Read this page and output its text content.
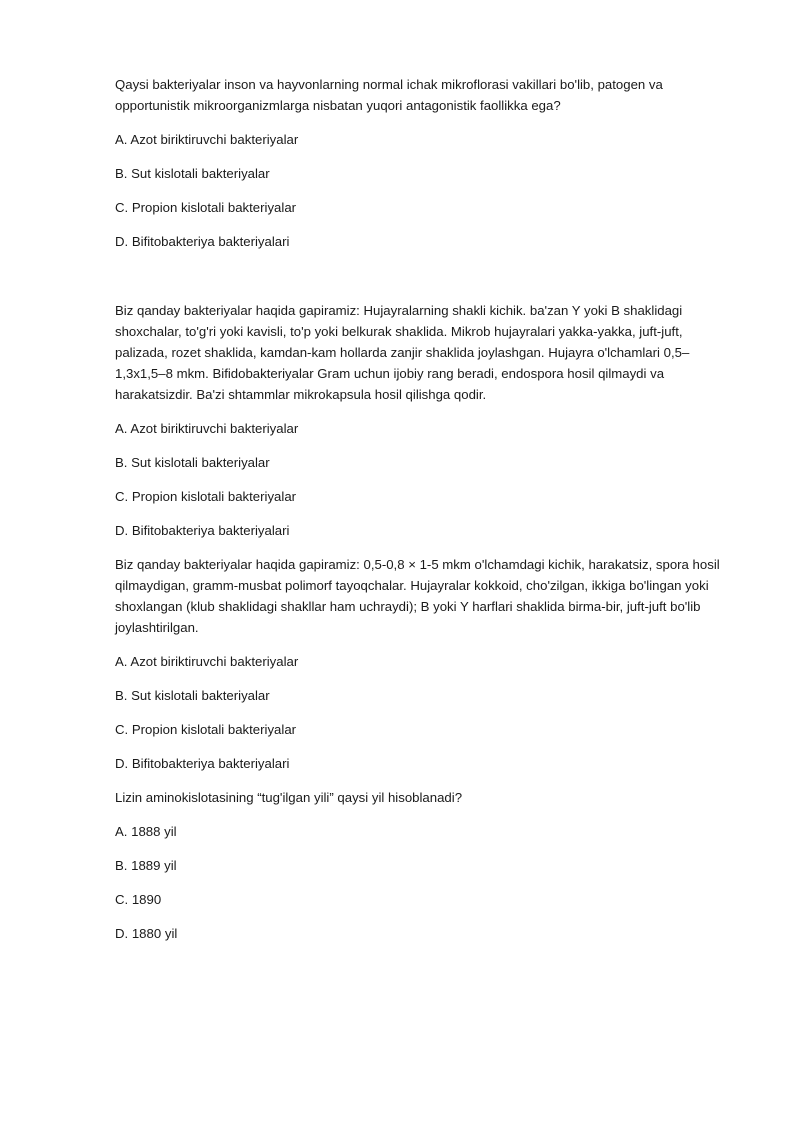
Qaysi bakteriyalar inson va hayvonlarning normal ichak mikroflorasi vakillari bo'lib, patogen va opportunistik mikroorganizmlarga nisbatan yuqori antagonistik faollikka ega?

A. Azot biriktiruvchi bakteriyalar

B. Sut kislotali bakteriyalar

C. Propion kislotali bakteriyalar

D. Bifitobakteriya bakteriyalari

Biz qanday bakteriyalar haqida gapiramiz: Hujayralarning shakli kichik. ba'zan Y yoki B shaklidagi shoxchalar, to'g'ri yoki kavisli, to'p yoki belkurak shaklida. Mikrob hujayralari yakka-yakka, juft-juft, palizada, rozet shaklida, kamdan-kam hollarda zanjir shaklida joylashgan. Hujayra o'lchamlari 0,5–1,3x1,5–8 mkm. Bifidobakteriyalar Gram uchun ijobiy rang beradi, endospora hosil qilmaydi va harakatsizdir. Ba'zi shtammlar mikrokapsula hosil qilishga qodir.

A. Azot biriktiruvchi bakteriyalar

B. Sut kislotali bakteriyalar

C. Propion kislotali bakteriyalar

D. Bifitobakteriya bakteriyalari

Biz qanday bakteriyalar haqida gapiramiz: 0,5-0,8 × 1-5 mkm o'lchamdagi kichik, harakatsiz, spora hosil qilmaydigan, gramm-musbat polimorf tayoqchalar. Hujayralar kokkoid, cho'zilgan, ikkiga bo'lingan yoki shoxlangan (klub shaklidagi shakllar ham uchraydi); B yoki Y harflari shaklida birma-bir, juft-juft bo'lib joylashtirilgan.

A. Azot biriktiruvchi bakteriyalar

B. Sut kislotali bakteriyalar

C. Propion kislotali bakteriyalar

D. Bifitobakteriya bakteriyalari

Lizin aminokislotasining “tug'ilgan yili” qaysi yil hisoblanadi?

A. 1888 yil

B. 1889 yil

C. 1890

D. 1880 yil
